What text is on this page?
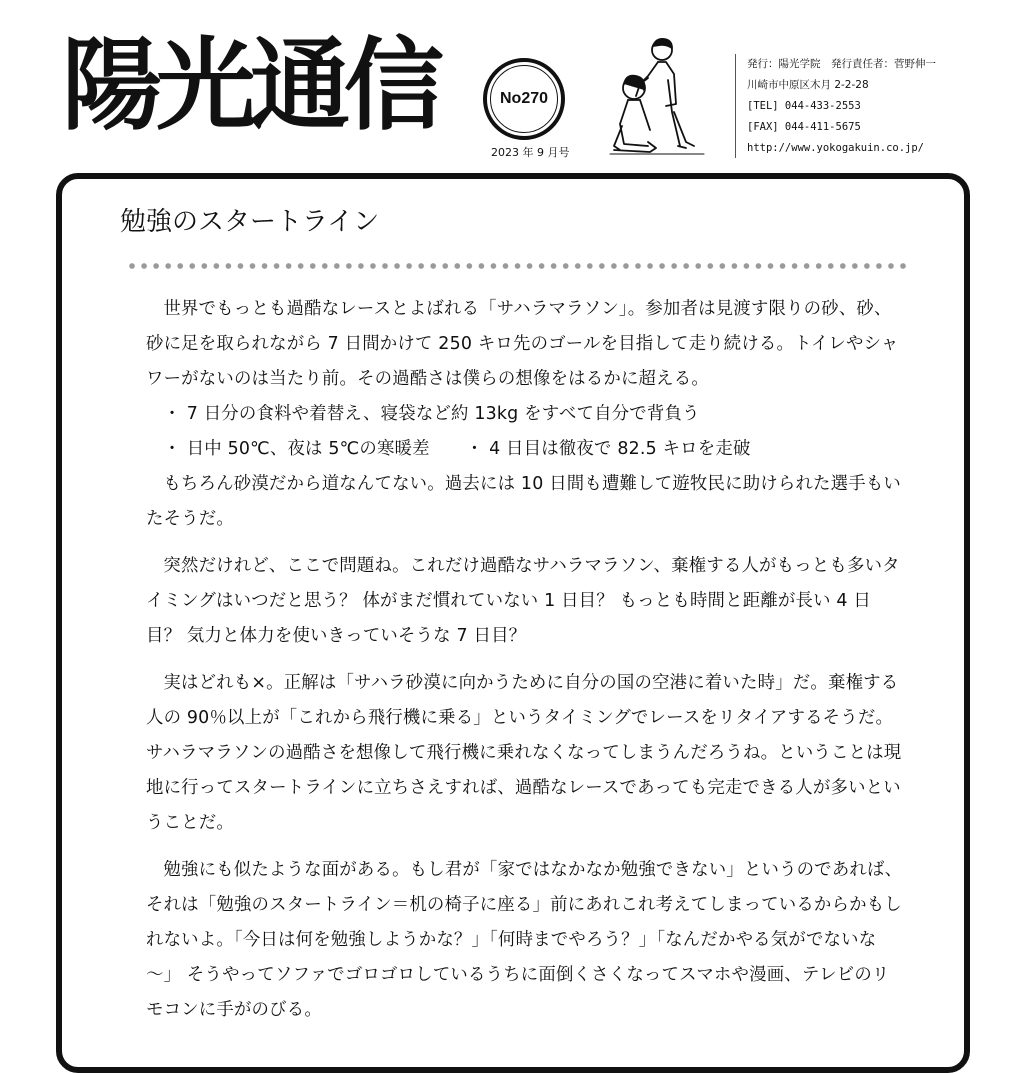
陽光通信	No270
2023 年 9 月号
発行：陽光学院　発行責任者：菅野伸一
川崎市中原区木月 2-2-28
[TEL] 044-433-2553
[FAX] 044-411-5675
http://www.yokogakuin.co.jp/
勉強のスタートライン

世界でもっとも過酷なレースとよばれる「サハラマラソン」。参加者は見渡す限りの砂、砂、砂に足を取られながら 7 日間かけて 250 キロ先のゴールを目指して走り続ける。トイレやシャワーがないのは当たり前。その過酷さは僕らの想像をはるかに超える。

・ 7 日分の食料や着替え、寝袋など約 13kg をすべて自分で背負う

・ 日中 50℃、夜は 5℃の寒暖差 ・ 4 日目は徹夜で 82.5 キロを走破

もちろん砂漠だから道なんてない。過去には 10 日間も遭難して遊牧民に助けられた選手もいたそうだ。

突然だけれど、ここで問題ね。これだけ過酷なサハラマラソン、棄権する人がもっとも多いタイミングはいつだと思う？ 体がまだ慣れていない 1 日目？ もっとも時間と距離が長い 4 日目？ 気力と体力を使いきっていそうな 7 日目？

実はどれも×。正解は「サハラ砂漠に向かうために自分の国の空港に着いた時」だ。棄権する人の 90％以上が「これから飛行機に乗る」というタイミングでレースをリタイアするそうだ。サハラマラソンの過酷さを想像して飛行機に乗れなくなってしまうんだろうね。ということは現地に行ってスタートラインに立ちさえすれば、過酷なレースであっても完走できる人が多いということだ。

勉強にも似たような面がある。もし君が「家ではなかなか勉強できない」というのであれば、それは「勉強のスタートライン＝机の椅子に座る」前にあれこれ考えてしまっているからかもしれないよ。「今日は何を勉強しようかな？」「何時までやろう？」「なんだかやる気がでないな～」 そうやってソファでゴロゴロしているうちに面倒くさくなってスマホや漫画、テレビのリモコンに手がのびる。
